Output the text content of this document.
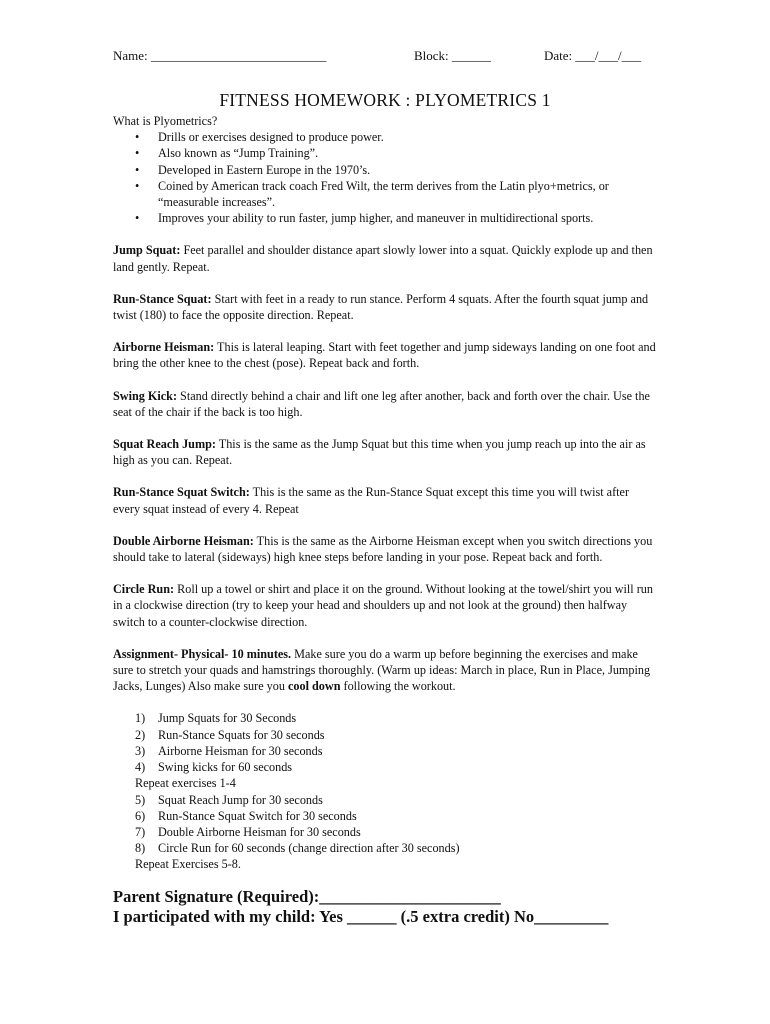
Name: ___________________________	Block: ______	Date: ___/___/___
FITNESS HOMEWORK : PLYOMETRICS 1

What is Plyometrics?

• Drills or exercises designed to produce power.
• Also known as “Jump Training”.
• Developed in Eastern Europe in the 1970’s.
• Coined by American track coach Fred Wilt, the term derives from the Latin plyo+metrics, or “measurable increases”.
• Improves your ability to run faster, jump higher, and maneuver in multidirectional sports.

Jump Squat: Feet parallel and shoulder distance apart slowly lower into a squat. Quickly explode up and then land gently. Repeat.

Run-Stance Squat: Start with feet in a ready to run stance. Perform 4 squats. After the fourth squat jump and twist (180) to face the opposite direction. Repeat.

Airborne Heisman: This is lateral leaping. Start with feet together and jump sideways landing on one foot and bring the other knee to the chest (pose). Repeat back and forth.

Swing Kick: Stand directly behind a chair and lift one leg after another, back and forth over the chair. Use the seat of the chair if the back is too high.

Squat Reach Jump: This is the same as the Jump Squat but this time when you jump reach up into the air as high as you can. Repeat.

Run-Stance Squat Switch: This is the same as the Run-Stance Squat except this time you will twist after every squat instead of every 4. Repeat

Double Airborne Heisman: This is the same as the Airborne Heisman except when you switch directions you should take to lateral (sideways) high knee steps before landing in your pose. Repeat back and forth.

Circle Run: Roll up a towel or shirt and place it on the ground. Without looking at the towel/shirt you will run in a clockwise direction (try to keep your head and shoulders up and not look at the ground) then halfway switch to a counter-clockwise direction.

Assignment- Physical- 10 minutes. Make sure you do a warm up before beginning the exercises and make sure to stretch your quads and hamstrings thoroughly. (Warm up ideas: March in place, Run in Place, Jumping Jacks, Lunges) Also make sure you cool down following the workout.

1) Jump Squats for 30 Seconds
2) Run-Stance Squats for 30 seconds
3) Airborne Heisman for 30 seconds
4) Swing kicks for 60 seconds
Repeat exercises 1-4
5) Squat Reach Jump for 30 seconds
6) Run-Stance Squat Switch for 30 seconds
7) Double Airborne Heisman for 30 seconds
8) Circle Run for 60 seconds (change direction after 30 seconds)
Repeat Exercises 5-8.
Parent Signature (Required):______________________
I participated with my child: Yes ______ (.5 extra credit) No_________
